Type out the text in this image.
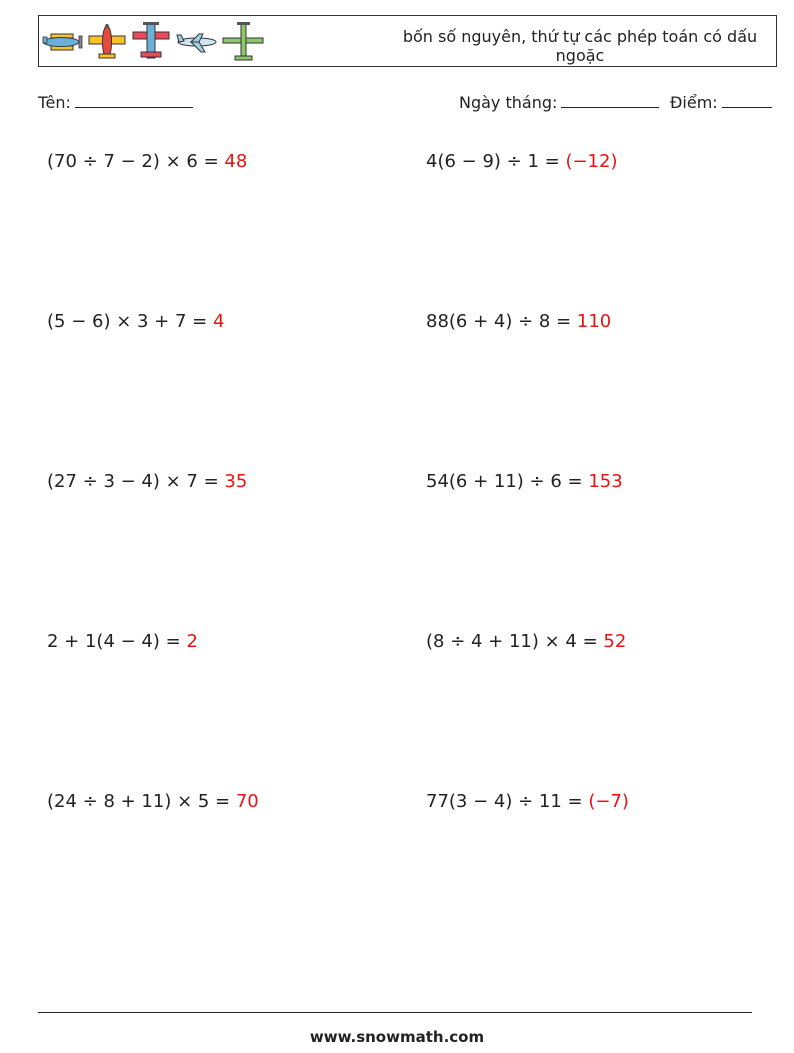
bốn số nguyên, thứ tự các phép toán có dấu ngoặc
Tên:	Ngày tháng:	Điểm:
(70 ÷ 7 − 2) × 6 = 48	4(6 − 9) ÷ 1 = (−12)
(5 − 6) × 3 + 7 = 4	88(6 + 4) ÷ 8 = 110
(27 ÷ 3 − 4) × 7 = 35	54(6 + 11) ÷ 6 = 153
2 + 1(4 − 4) = 2	(8 ÷ 4 + 11) × 4 = 52
(24 ÷ 8 + 11) × 5 = 70	77(3 − 4) ÷ 11 = (−7)
www.snowmath.com
